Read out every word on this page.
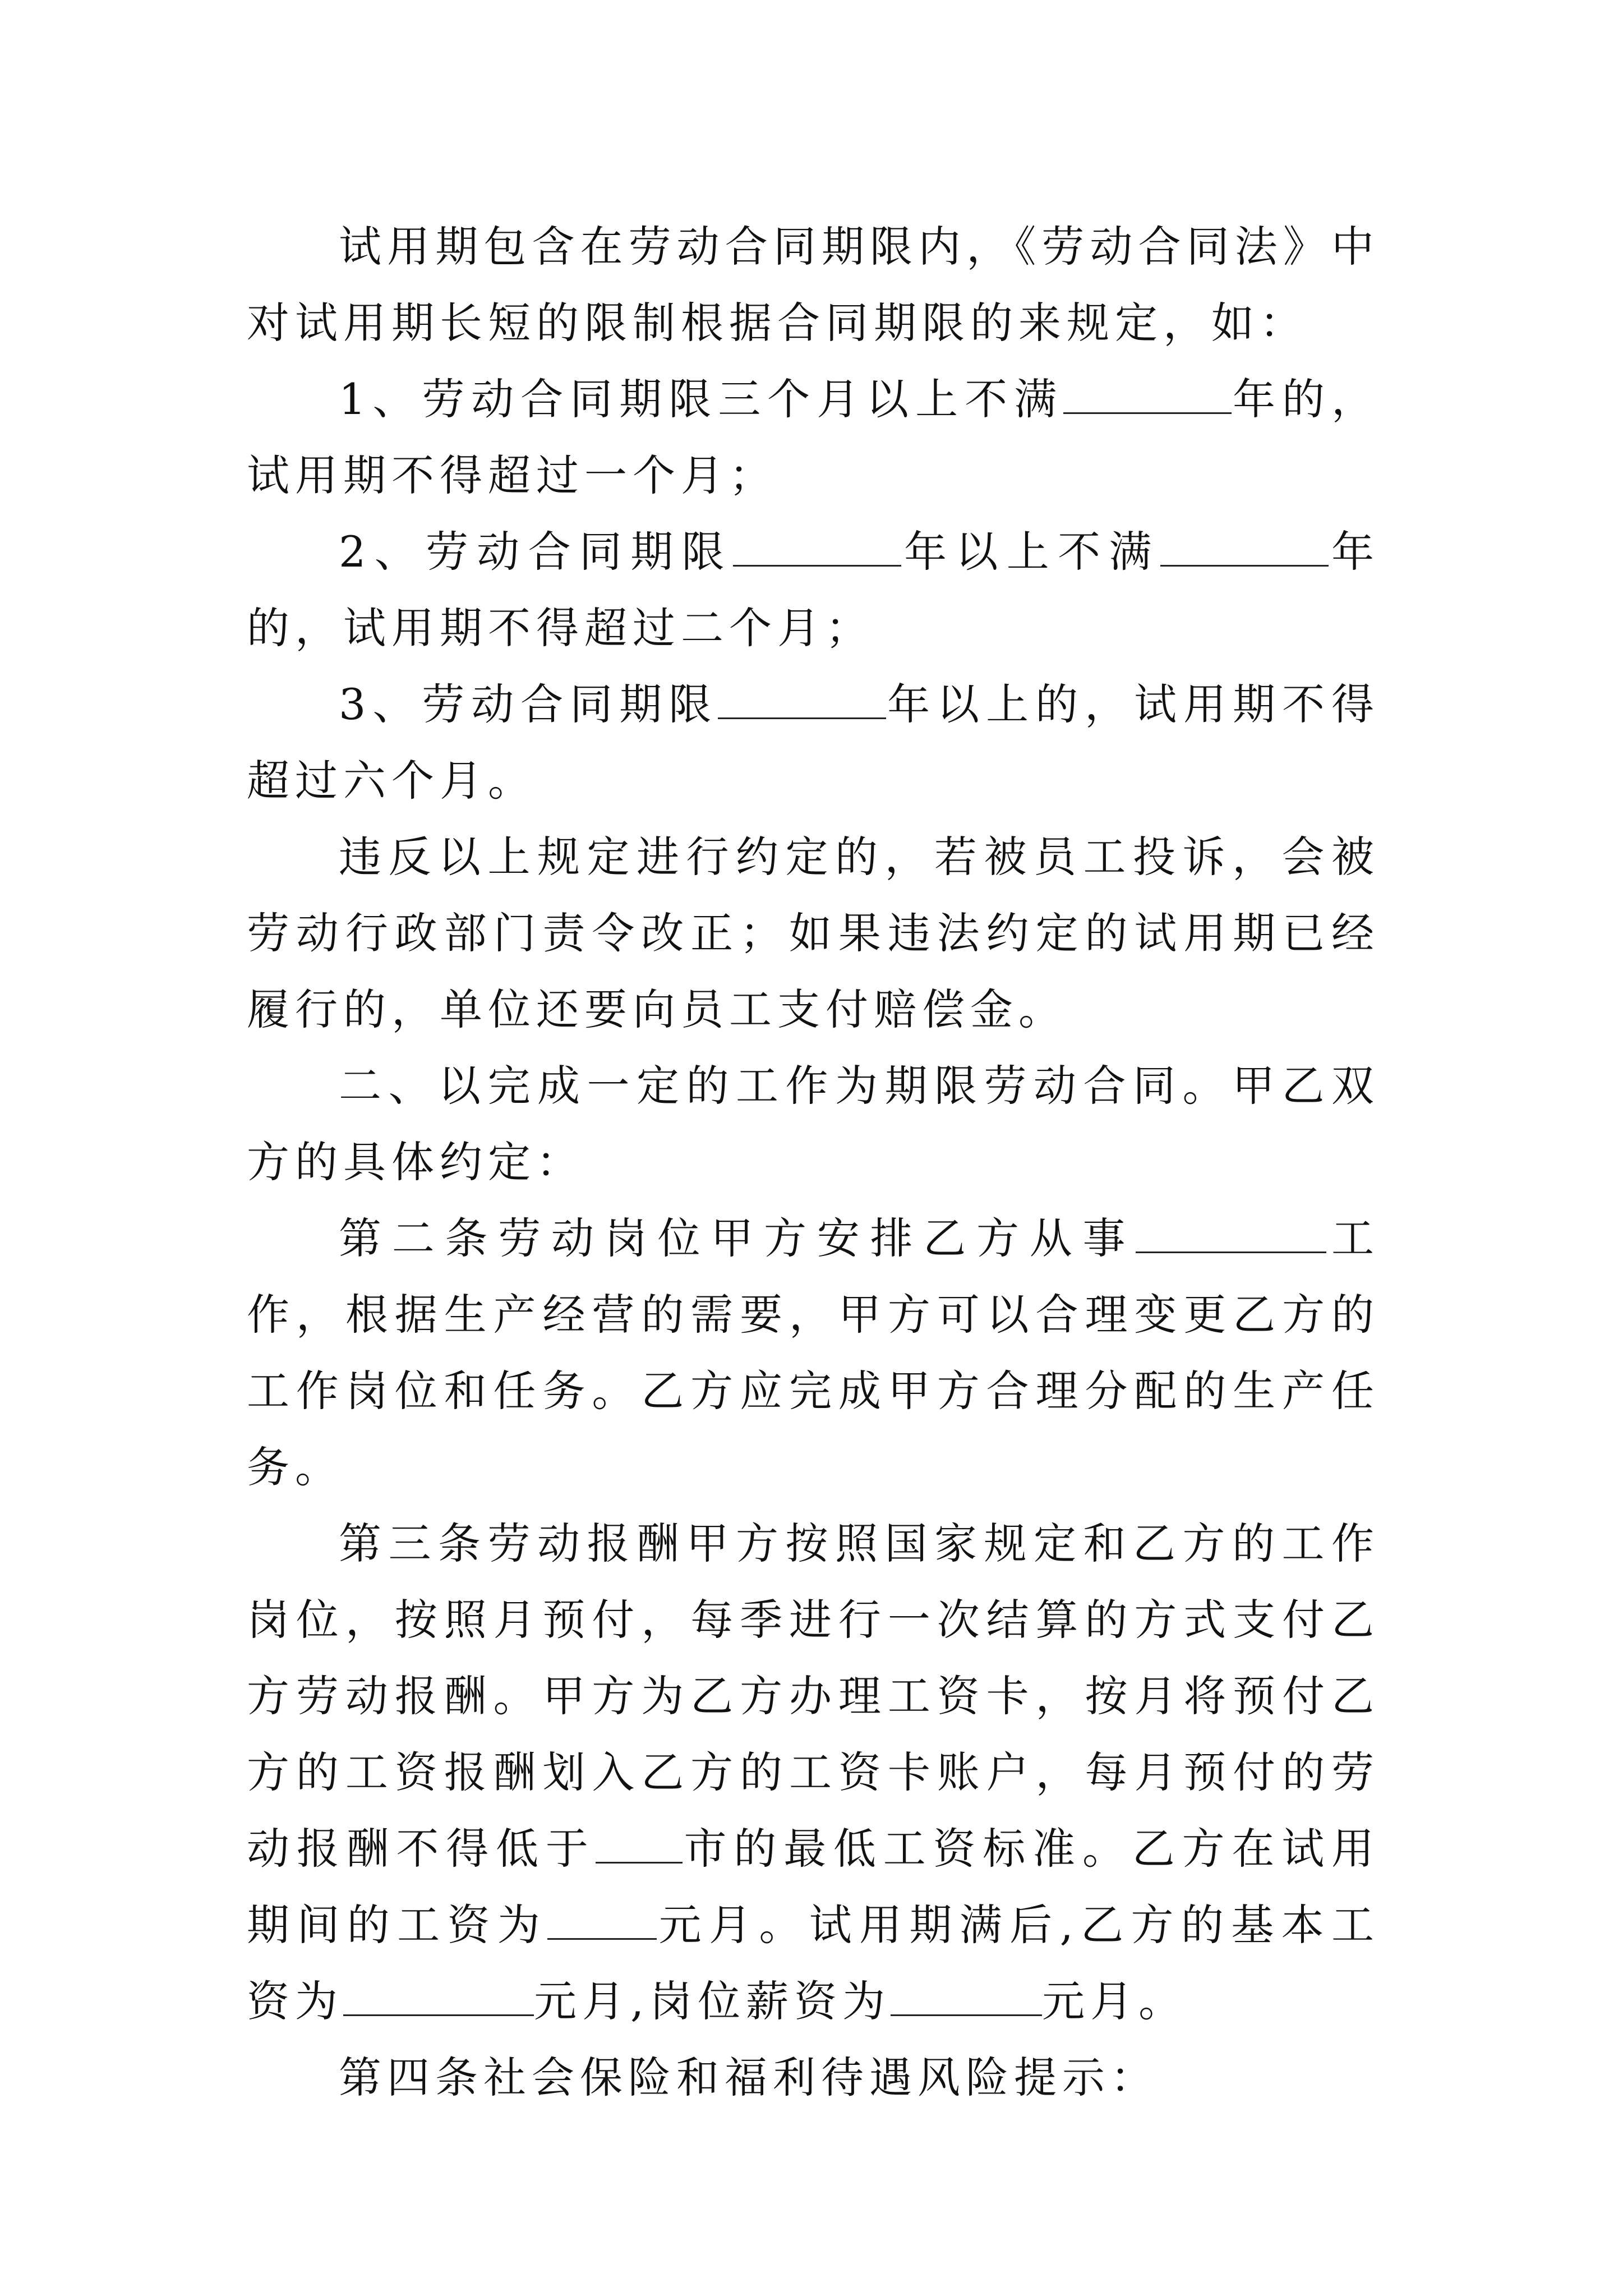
试用期包含在劳动合同期限内，《劳动合同法》中对试用期长短的限制根据合同期限的来规定，如：

1、劳动合同期限三个月以上不满	年的，试用期不得超过一个月；

2、劳动合同期限	年以上不满	年的，试用期不得超过二个月；

3、劳动合同期限	年以上的，试用期不得超过六个月。

违反以上规定进行约定的，若被员工投诉，会被劳动行政部门责令改正；如果违法约定的试用期已经履行的，单位还要向员工支付赔偿金。

二、以完成一定的工作为期限劳动合同。甲乙双方的具体约定：

第二条劳动岗位甲方安排乙方从事	工作，根据生产经营的需要，甲方可以合理变更乙方的工作岗位和任务。乙方应完成甲方合理分配的生产任务。

第三条劳动报酬甲方按照国家规定和乙方的工作岗位，按照月预付，每季进行一次结算的方式支付乙方劳动报酬。甲方为乙方办理工资卡，按月将预付乙方的工资报酬划入乙方的工资卡账户，每月预付的劳动报酬不得低于 市的最低工资标准。乙方在试用期间的工资为	元月。试用期满后,乙方的基本工资为	元月,岗位薪资为	元月。

第四条社会保险和福利待遇风险提示：
